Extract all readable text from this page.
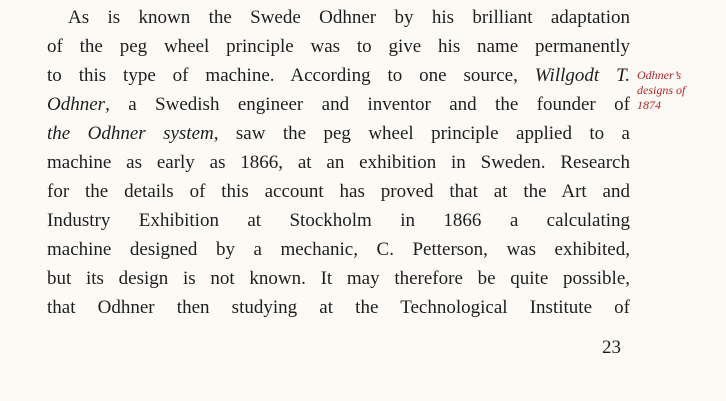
As is known the Swede Odhner by his brilliant adaptation
of the peg wheel principle was to give his name permanently
to this type of machine. According to one source, Willgodt T.
Odhner, a Swedish engineer and inventor and the founder of
the Odhner system, saw the peg wheel principle applied to a
machine as early as 1866, at an exhibition in Sweden. Research
for the details of this account has proved that at the Art and
Industry Exhibition at Stockholm in 1866 a calculating
machine designed by a mechanic, C. Petterson, was exhibited,
but its design is not known. It may therefore be quite possible,
that Odhner then studying at the Technological Institute of
Odhner’s
designs of
1874
23
